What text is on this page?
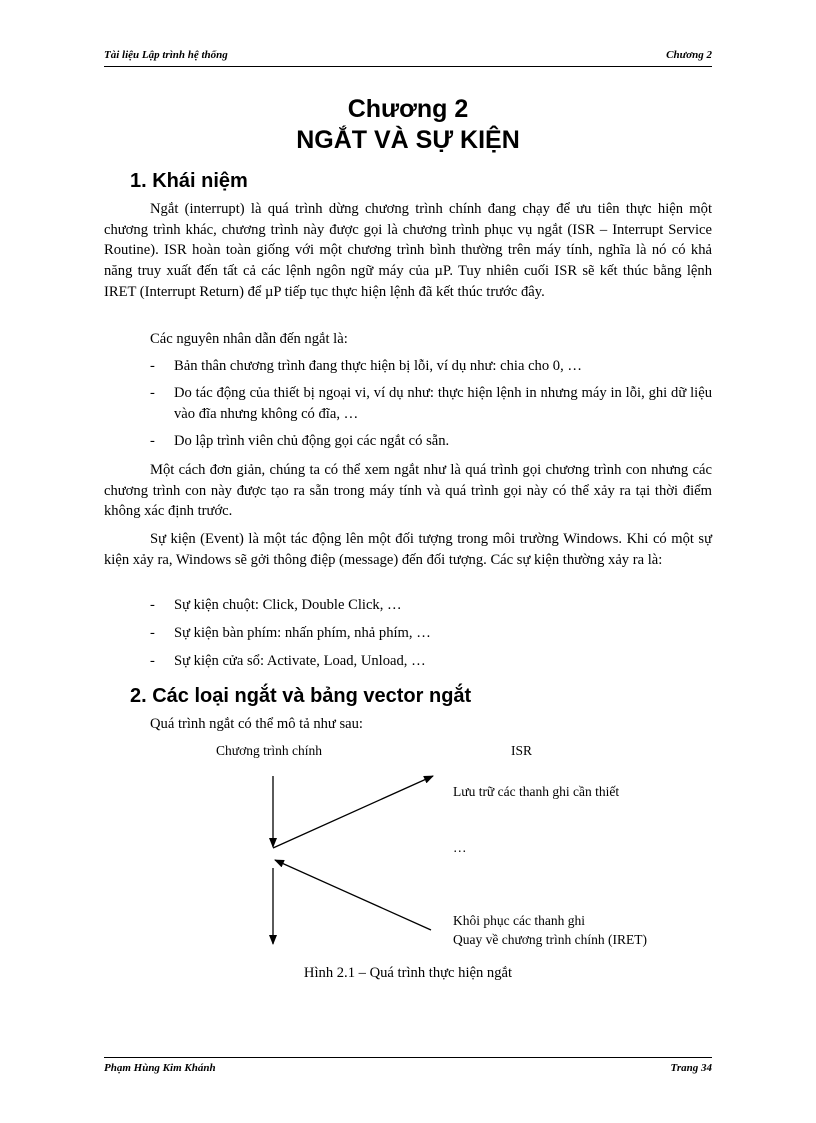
Tài liệu Lập trình hệ thống	Chương 2
Chương 2
NGẮT VÀ SỰ KIỆN
1. Khái niệm

Ngắt (interrupt) là quá trình dừng chương trình chính đang chạy để ưu tiên thực hiện một chương trình khác, chương trình này được gọi là chương trình phục vụ ngắt (ISR – Interrupt Service Routine). ISR hoàn toàn giống với một chương trình bình thường trên máy tính, nghĩa là nó có khả năng truy xuất đến tất cả các lệnh ngôn ngữ máy của µP. Tuy nhiên cuối ISR sẽ kết thúc bằng lệnh IRET (Interrupt Return) để µP tiếp tục thực hiện lệnh đã kết thúc trước đây.

Các nguyên nhân dẫn đến ngắt là:
- Bản thân chương trình đang thực hiện bị lỗi, ví dụ như: chia cho 0, …
- Do tác động của thiết bị ngoại vi, ví dụ như: thực hiện lệnh in nhưng máy in lỗi, ghi dữ liệu vào đĩa nhưng không có đĩa, …
- Do lập trình viên chủ động gọi các ngắt có sẵn.

Một cách đơn giản, chúng ta có thể xem ngắt như là quá trình gọi chương trình con nhưng các chương trình con này được tạo ra sẵn trong máy tính và quá trình gọi này có thể xảy ra tại thời điểm không xác định trước.

Sự kiện (Event) là một tác động lên một đối tượng trong môi trường Windows. Khi có một sự kiện xảy ra, Windows sẽ gởi thông điệp (message) đến đối tượng. Các sự kiện thường xảy ra là:

- Sự kiện chuột: Click, Double Click, …
- Sự kiện bàn phím: nhấn phím, nhả phím, …
- Sự kiện cửa sổ: Activate, Load, Unload, …
2. Các loại ngắt và bảng vector ngắt
Quá trình ngắt có thể mô tả như sau:
Chương trình chính	ISR
Lưu trữ các thanh ghi cần thiết
…
Khôi phục các thanh ghi
Quay về chương trình chính (IRET)
Hình 2.1 – Quá trình thực hiện ngắt
Phạm Hùng Kim Khánh	Trang 34
